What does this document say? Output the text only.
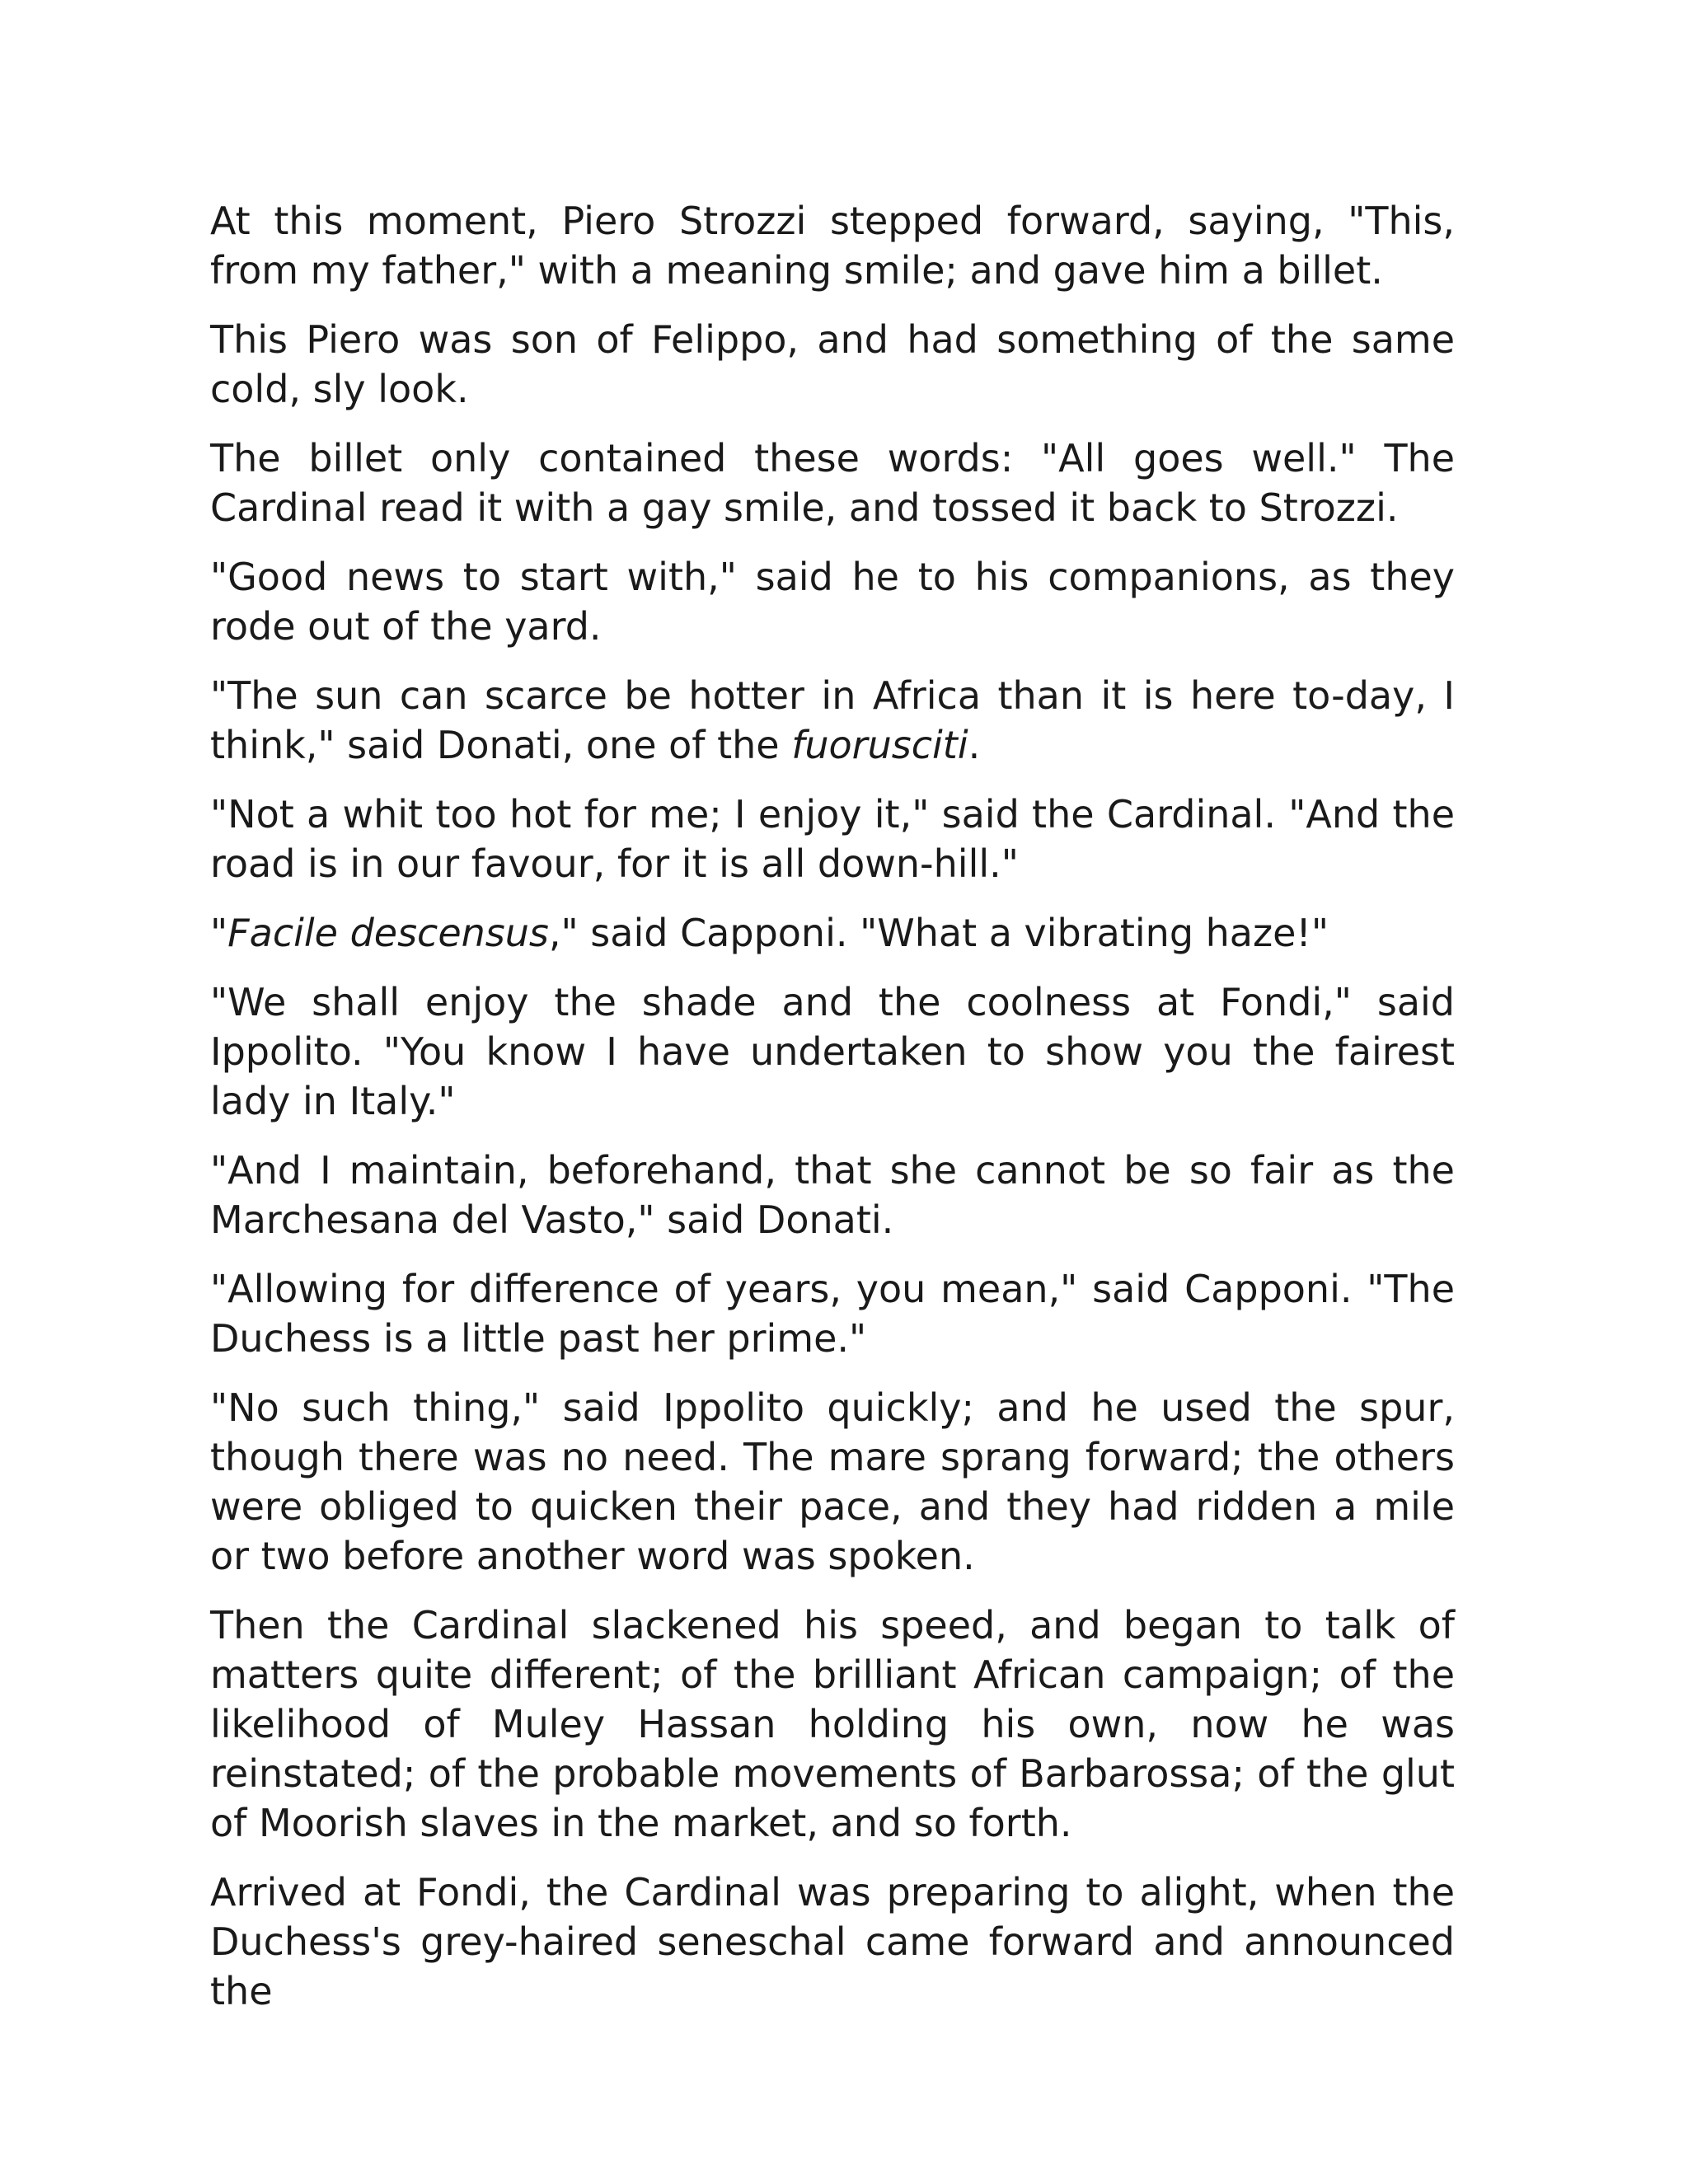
At this moment, Piero Strozzi stepped forward, saying, "This, from my father," with a meaning smile; and gave him a billet.

This Piero was son of Felippo, and had something of the same cold, sly look.

The billet only contained these words: "All goes well." The Cardinal read it with a gay smile, and tossed it back to Strozzi.

"Good news to start with," said he to his companions, as they rode out of the yard.

"The sun can scarce be hotter in Africa than it is here to-day, I think," said Donati, one of the fuorusciti.

"Not a whit too hot for me; I enjoy it," said the Cardinal. "And the road is in our favour, for it is all down-hill."

"Facile descensus," said Capponi. "What a vibrating haze!"

"We shall enjoy the shade and the coolness at Fondi," said Ippolito. "You know I have undertaken to show you the fairest lady in Italy."

"And I maintain, beforehand, that she cannot be so fair as the Marchesana del Vasto," said Donati.

"Allowing for difference of years, you mean," said Capponi. "The Duchess is a little past her prime."

"No such thing," said Ippolito quickly; and he used the spur, though there was no need. The mare sprang forward; the others were obliged to quicken their pace, and they had ridden a mile or two before another word was spoken.

Then the Cardinal slackened his speed, and began to talk of matters quite different; of the brilliant African campaign; of the likelihood of Muley Hassan holding his own, now he was reinstated; of the probable movements of Barbarossa; of the glut of Moorish slaves in the market, and so forth.

Arrived at Fondi, the Cardinal was preparing to alight, when the Duchess's grey-haired seneschal came forward and announced the
